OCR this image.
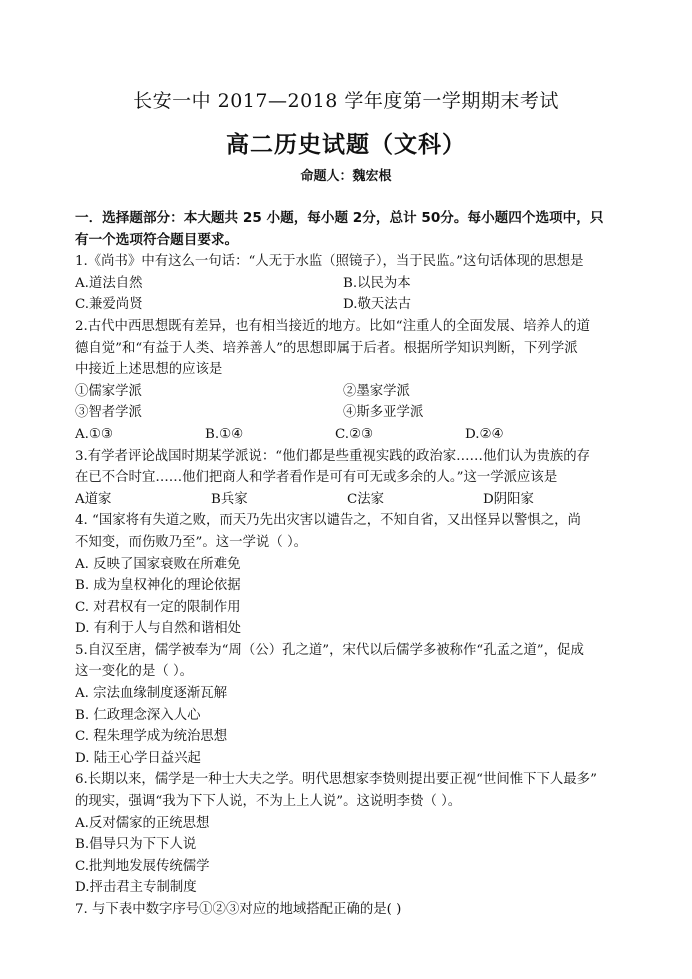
长安一中 2017—2018 学年度第一学期期末考试
高二历史试题（文科）
命题人：魏宏根
一．选择题部分：本大题共 25 小题，每小题 2分，总计 50分。每小题四个选项中，只
有一个选项符合题目要求。
1.《尚书》中有这么一句话：“人无于水监（照镜子），当于民监。”这句话体现的思想是
A.道法自然	B.以民为本
C.兼爱尚贤	D.敬天法古
2.古代中西思想既有差异，也有相当接近的地方。比如“注重人的全面发展、培养人的道
德自觉”和“有益于人类、培养善人”的思想即属于后者。根据所学知识判断，下列学派
中接近上述思想的应该是
①儒家学派	②墨家学派
③智者学派	④斯多亚学派
A.①③	B.①④	C.②③	D.②④
3.有学者评论战国时期某学派说：“他们都是些重视实践的政治家……他们认为贵族的存
在已不合时宜……他们把商人和学者看作是可有可无或多余的人。”这一学派应该是
A道家	B兵家	C法家	D阴阳家
4. “国家将有失道之败，而天乃先出灾害以谴告之，不知自省，又出怪异以警惧之，尚
不知变，而伤败乃至”。这一学说（ ）。
A. 反映了国家衰败在所难免
B. 成为皇权神化的理论依据
C. 对君权有一定的限制作用
D. 有利于人与自然和谐相处
5.自汉至唐，儒学被奉为“周（公）孔之道”，宋代以后儒学多被称作“孔孟之道”，促成
这一变化的是（ ）。
A. 宗法血缘制度逐渐瓦解
B. 仁政理念深入人心
C. 程朱理学成为统治思想
D. 陆王心学日益兴起
6.长期以来，儒学是一种士大夫之学。明代思想家李贽则提出要正视“世间惟下下人最多”
的现实，强调“我为下下人说，不为上上人说”。这说明李贽（ ）。
A.反对儒家的正统思想
B.倡导只为下下人说
C.批判地发展传统儒学
D.抨击君主专制制度
7. 与下表中数字序号①②③对应的地域搭配正确的是( )
